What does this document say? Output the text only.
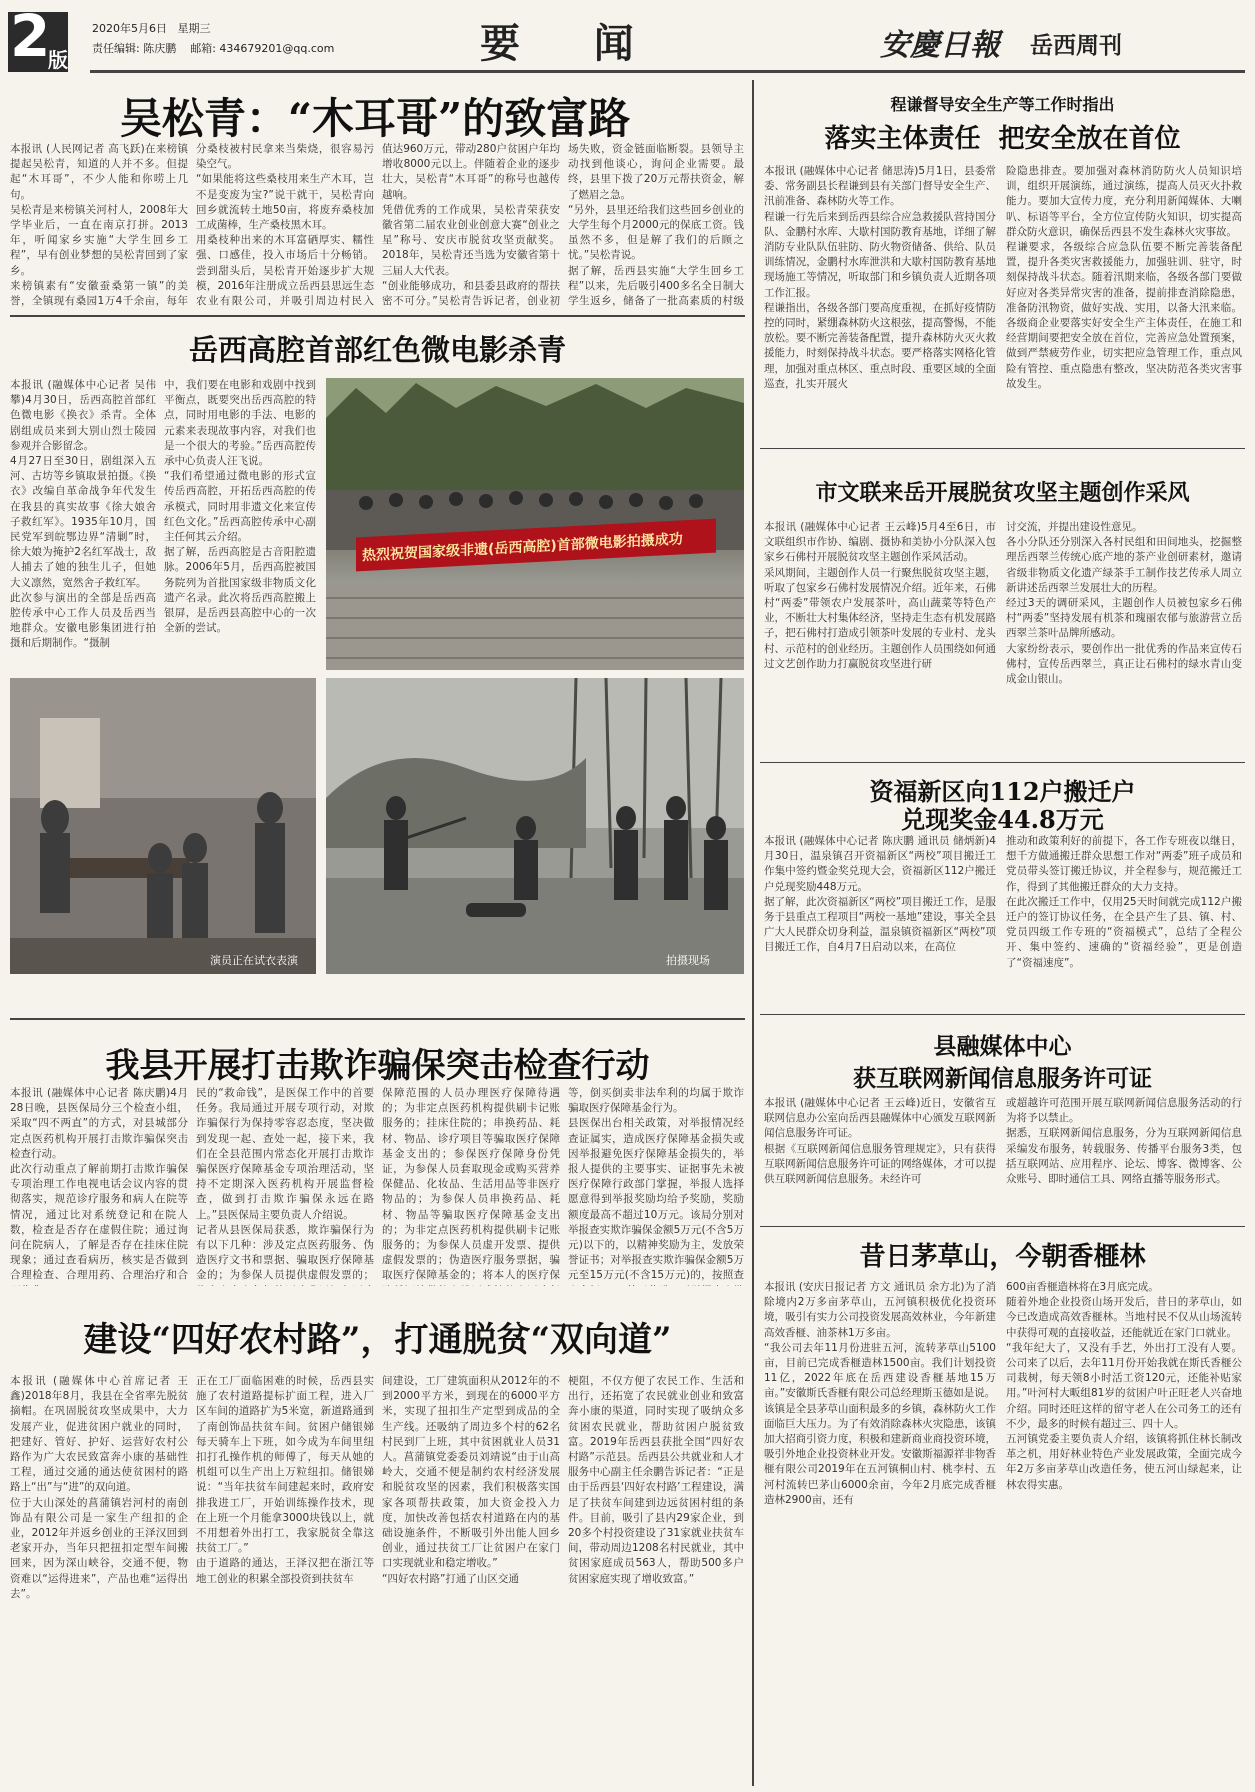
2
版
2020年5月6日   星期三
责任编辑: 陈庆鹏    邮箱: 434679201@qq.com	要   闻	安慶日報 岳西周刊
吴松青：“木耳哥”的致富路
本报讯 (人民网记者 高飞跃)在来榜镇提起吴松青，知道的人并不多。但提起“木耳哥”，不少人能和你唠上几句。
吴松青是来榜镇关河村人，2008年大学毕业后，一直在南京打拼。2013年，听闻家乡实施“大学生回乡工程”，早有创业梦想的吴松青回到了家乡。
来榜镇素有“安徽蚕桑第一镇”的美誉，全镇现有桑园1万4千余亩，每年
分桑枝被村民拿来当柴烧，很容易污染空气。
“如果能将这些桑枝用来生产木耳，岂不是变废为宝?”说干就干，吴松青向回乡就流转土地50亩，将废弃桑枝加工成菌棒，生产桑枝黑木耳。
用桑枝种出来的木耳富硒厚实、糯性强、口感佳，投入市场后十分畅销。尝到甜头后，吴松青开始逐步扩大规模，2016年注册成立岳西县思远生态农业有限公司，并吸引周边村民入
值达960万元，带动280户贫困户年均增收8000元以上。伴随着企业的逐步壮大，吴松青“木耳哥”的称号也越传越响。
凭借优秀的工作成果，吴松青荣获安徽省第二届农业创业创意大赛“创业之星”称号、安庆市脱贫攻坚贡献奖。2018年，吴松青还当选为安徽省第十三届人大代表。
“创业能够成功，和县委县政府的帮扶密不可分。”吴松青告诉记者，创业初
场失败，资金链面临断裂。县领导主动找到他谈心，询问企业需要。最终，县里下拨了20万元帮扶资金，解了燃眉之急。
“另外，县里还给我们这些回乡创业的大学生每个月2000元的保底工资。钱虽然不多，但是解了我们的后顾之忧。”吴松青说。
据了解，岳西县实施“大学生回乡工程”以来，先后吸引400多名全日制大学生返乡，储备了一批高素质的村级
岳西高腔首部红色微电影杀青
本报讯 (融媒体中心记者 吴伟攀)4月30日，岳西高腔首部红色微电影《换衣》杀青。全体剧组成员来到大别山烈士陵园参观并合影留念。
4月27日至30日，剧组深入五河、古坊等乡镇取景拍摄。《换衣》改编自革命战争年代发生在我县的真实故事《徐大娘舍子救红军》。1935年10月，国民党军到皖鄂边界“清剿”时，徐大娘为掩护2名红军战士，敌人捕去了她的独生儿子，但她大义凛然，宽然舍子救红军。
此次参与演出的全部是岳西高腔传承中心工作人员及岳西当地群众。安徽电影集团进行拍摄和后期制作。“摄制
中，我们要在电影和戏剧中找到平衡点，既要突出岳西高腔的特点，同时用电影的手法、电影的元素来表现故事内容，对我们也是一个很大的考验。”岳西高腔传承中心负责人汪飞说。
“我们希望通过微电影的形式宣传岳西高腔，开拓岳西高腔的传承模式，同时用非遗文化来宣传红色文化。”岳西高腔传承中心副主任何其云介绍。
据了解，岳西高腔是古音阳腔遗脉。2006年5月，岳西高腔被国务院列为首批国家级非物质文化遗产名录。此次将岳西高腔搬上银屏，是岳西县高腔中心的一次全新的尝试。
热烈祝贺国家级非遗(岳西高腔)首部微电影拍摄成功
演员正在试衣表演	拍摄现场
我县开展打击欺诈骗保突击检查行动
本报讯 (融媒体中心记者 陈庆鹏)4月28日晚，县医保局分三个检查小组，采取“四不两直”的方式，对县城部分定点医药机构开展打击欺诈骗保突击检查行动。
此次行动重点了解前期打击欺诈骗保专项治理工作电视电话会议内容的贯彻落实，规范诊疗服务和病人在院等情况，通过比对系统登记和在院人数，检查是否存在虚假住院；通过询问在院病人，了解是否存在挂床住院现象；通过查看病历，核实是否做到合理检查、合理用药、合理治疗和合

民的“救命钱”，是医保工作中的首要任务。我局通过开展专项行动，对欺诈骗保行为保持零容忍态度，坚决做到发现一起、查处一起，接下来，我们在全县范围内常态化开展打击欺诈骗保医疗保障基金专项治理活动，坚持不定期深入医药机构开展监督检查，做到打击欺诈骗保永远在路上。”县医保局主要负责人介绍说。
记者从县医保局获悉，欺诈骗保行为有以下几种：涉及定点医药服务、伪造医疗文书和票据、骗取医疗保障基金的；为参保人员提供虚假发票的；
保障范围的人员办理医疗保障待遇的；为非定点医药机构提供刷卡记账服务的；挂床住院的；串换药品、耗材、物品、诊疗项目等骗取医疗保障基金支出的；参保医疗保障身份凭证，为参保人员套取现金或购买营养保健品、化妆品、生活用品等非医疗物品的；为参保人员串换药品、耗材、物品等骗取医疗保障基金支出的；为非定点医药机构提供刷卡记账服务的；为参保人员虚开发票、提供虚假发票的；伪造医疗服务票据，骗取医疗保障基金的；将本人的医疗保
等，倒买倒卖非法牟利的均属于欺诈骗取医疗保障基金行为。
县医保出台相关政策，对举报情况经查证属实，造成医疗保障基金损失或因举报避免医疗保障基金损失的，举报人提供的主要事实、证据事先未被医疗保障行政部门掌握，举报人选择愿意得到举报奖励均给予奖励，奖励额度最高不超过10万元。该局分别对举报查实欺诈骗保金额5万元(不含5万元)以下的，以精神奖励为主，发放荣誉证书；对举报查实欺诈骗保金额5万元至15万元(不含15万元)的，按照查
建设“四好农村路”，打通脱贫“双向道”
本报讯 (融媒体中心首席记者 王鑫)2018年8月，我县在全省率先脱贫摘帽。在巩固脱贫攻坚成果中，大力发展产业，促进贫困户就业的同时，把建好、管好、护好、运营好农村公路作为广大农民致富奔小康的基础性工程，通过交通的通达使贫困村的路路上“出”与“进”的双向道。
位于大山深处的菖蒲镇岩河村的南创饰品有限公司是一家生产纽扣的企业，2012年并返乡创业的王泽汉回到老家开办，当年只把扭扣定型车间搬回来，因为深山峡谷，交通不便，物资难以“运得进来”，产品也难“运得出去”。
正在工厂面临困难的时候，岳西县实施了农村道路提标扩面工程，进入厂区车间的道路扩为5米宽，新道路通到了南创饰品扶贫车间。贫困户储银娣每天骑车上下班，如今成为车间里纽扣打孔操作机的师傅了，每天从她的机组可以生产出上万粒纽扣。储银娣说：“当年扶贫车间建起来时，政府安排我进工厂，开始训练操作技术，现在上班一个月能拿3000块钱以上，就不用想着外出打工，我家脱贫全靠这扶贫工厂。”
由于道路的通达，王泽汉把在浙江等地工创业的积累全部投资到扶贫车
间建设，工厂建筑面积从2012年的不到2000平方米，到现在的6000平方米，实现了扭扣生产定型到成品的全生产线。还吸纳了周边多个村的62名村民到厂上班，其中贫困就业人员31人。菖蒲镇党委委员刘靖说“由于山高岭大，交通不便是制约农村经济发展和脱贫攻坚的因素，我们积极落实国家各项帮扶政策，加大资金投入力度，加快改善包括农村道路在内的基础设施条件，不断吸引外出能人回乡创业，通过扶贫工厂让贫困户在家门口实现就业和稳定增收。”
“四好农村路”打通了山区交通
梗阻，不仅方便了农民工作、生活和出行，还拓宽了农民就业创业和致富奔小康的渠道，同时实现了吸纳众多贫困农民就业，帮助贫困户脱贫致富。2019年岳西县获批全国“四好农村路”示范县。岳西县公共就业和人才服务中心副主任余鹏告诉记者：“正是由于岳西县‘四好农村路’工程建设，满足了扶贫车间建到边远贫困村组的条件。目前，吸引了县内29家企业，到20多个村投资建设了31家就业扶贫车间，带动周边1208名村民就业，其中贫困家庭成员563人，帮助500多户贫困家庭实现了增收致富。”
程谦督导安全生产等工作时指出
落实主体责任  把安全放在首位
本报讯 (融媒体中心记者 储思涛)5月1日，县委常委、常务副县长程谦到县有关部门督导安全生产、汛前准备、森林防火等工作。
程谦一行先后来到岳西县综合应急救援队营持国分队、金鹏村水库、大歇村国防教育基地，详细了解消防专业队队伍驻防、防火物资储备、供给、队员训练情况，金鹏村水库泄洪和大歇村国防教育基地现场施工等情况，听取部门和乡镇负责人近期各项工作汇报。
程谦指出，各级各部门要高度重视，在抓好疫情防控的同时，紧绷森林防火这根弦，提高警惕，不能放松。要不断完善装备配置，提升森林防火灭火救援能力，时刻保持战斗状态。要严格落实网格化管理，加强对重点林区、重点时段、重要区域的全面巡查，扎实开展火
险隐患排查。要加强对森林消防防火人员知识培训，组织开展演练，通过演练，提高人员灭火扑救能力。要加大宣传力度，充分利用新闻媒体、大喇叭、标语等平台，全方位宣传防火知识，切实提高群众防火意识，确保岳西县不发生森林火灾事故。
程谦要求，各级综合应急队伍要不断完善装备配置，提升各类灾害救援能力，加强驻训、驻守，时刻保持战斗状态。随着汛期来临，各级各部门要做好应对各类异常灾害的准备，提前排查消除隐患，准备防汛物资，做好实战、实用，以备大汛来临。各级商企业要落实好安全生产主体责任，在施工和经营期间要把安全放在首位，完善应急处置预案，做到严禁疲劳作业，切实把应急管理工作，重点风险有管控、重点隐患有整改，坚决防范各类灾害事故发生。
市文联来岳开展脱贫攻坚主题创作采风
本报讯 (融媒体中心记者 王云峰)5月4至6日，市文联组织市作协、编剧、摄协和美协小分队深入包家乡石佛村开展脱贫攻坚主题创作采风活动。
采风期间，主题创作人员一行聚焦脱贫攻坚主题，听取了包家乡石佛村发展情况介绍。近年来，石佛村“两委”带领农户发展茶叶，高山蔬菜等特色产业，不断壮大村集体经济，坚持走生态有机发展路子，把石佛村打造成引领茶叶发展的专业村、龙头村、示范村的创业经历。主题创作人员围绕如何通过文艺创作助力打赢脱贫攻坚进行研
讨交流，并提出建设性意见。
各小分队还分别深入各村民组和田间地头，挖掘整理岳西翠兰传统心底产地的茶产业创研素材，邀请省级非物质文化遗产绿茶手工制作技艺传承人周立新讲述岳西翠兰发展壮大的历程。
经过3天的调研采风，主题创作人员被包家乡石佛村“两委”坚持发展有机茶和瑰丽农郁与旅游营立岳西翠兰茶叶品牌所感动。
大家纷纷表示，要创作出一批优秀的作品来宣传石佛村，宣传岳西翠兰，真正让石佛村的绿水青山变成金山银山。
资福新区向112户搬迁户
兑现奖金44.8万元
本报讯 (融媒体中心记者 陈庆鹏 通讯员 储炳新)4月30日，温泉镇召开资福新区“两校”项目搬迁工作集中签约暨金奖兑现大会，资福新区112户搬迁户兑现奖励448万元。
据了解，此次资福新区“两校”项目搬迁工作，是服务于县重点工程项目“两校一基地”建设，事关全县广大人民群众切身利益，温泉镇资福新区“两校”项目搬迁工作，自4月7日启动以来，在高位
推动和政策利好的前提下，各工作专班夜以继日，想千方做通搬迁群众思想工作对“两委”班子成员和党员带头签订搬迁协议，并全程参与，规范搬迁工作，得到了其他搬迁群众的大力支持。
在此次搬迁工作中，仅用25天时间就完成112户搬迁户的签订协议任务，在全县产生了县、镇、村、党员四级工作专班的“资福模式”，总结了全程公开、集中签约、速确的“资福经验”，更是创造了“资福速度”。
县融媒体中心
获互联网新闻信息服务许可证
本报讯 (融媒体中心记者 王云峰)近日，安徽省互联网信息办公室向岳西县融媒体中心颁发互联网新闻信息服务许可证。
根据《互联网新闻信息服务管理规定》，只有获得互联网新闻信息服务许可证的网络媒体，才可以提供互联网新闻信息服务。未经许可
或超越许可范围开展互联网新闻信息服务活动的行为将予以禁止。
据悉，互联网新闻信息服务，分为互联网新闻信息采编发布服务，转载服务、传播平台服务3类，包括互联网站、应用程序、论坛、博客、微博客、公众账号、即时通信工具、网络直播等服务形式。
昔日茅草山，今朝香榧林
本报讯 (安庆日报记者 方文 通讯员 余方北)为了消除境内2万多亩茅草山，五河镇积极优化投资环境，吸引有实力公司投资发展高效林业，今年新建高效香榧、油茶林1万多亩。
“我公司去年11月份进驻五河，流转茅草山5100亩，目前已完成香榧造林1500亩。我们计划投资11亿，2022年底在岳西建设香榧基地15万亩。”安徽斯氏香榧有限公司总经理斯玉德如是说。
该镇是全县茅草山面积最多的乡镇，森林防火工作面临巨大压力。为了有效消除森林火灾隐患，该镇加大招商引资力度，积极和建新商业商投资环境，吸引外地企业投资林业开发。安徽斯福源祥非物香榧有限公司2019年在五河镇桐山村、桃李村、五河村流转巴茅山6000余亩，今年2月底完成香榧造林2900亩，还有
600亩香榧造林将在3月底完成。
随着外地企业投资山场开发后，昔日的茅草山，如今已改造成高效香榧林。当地村民不仅从山场流转中获得可观的直接收益，还能就近在家门口就业。
“我年纪大了，又没有手艺，外出打工没有人要。公司来了以后，去年11月份开始我就在斯氏香榧公司栽树，每天领8小时活工资120元，还能补贴家用。”叶河村大畈组81岁的贫困户叶正旺老人兴奋地介绍。同时还旺这样的留守老人在公司务工的还有不少，最多的时候有超过三、四十人。
五河镇党委主要负责人介绍，该镇将抓住林长制改革之机，用好林业特色产业发展政策，全面完成今年2万多亩茅草山改造任务，使五河山绿起来，让林农得实惠。
